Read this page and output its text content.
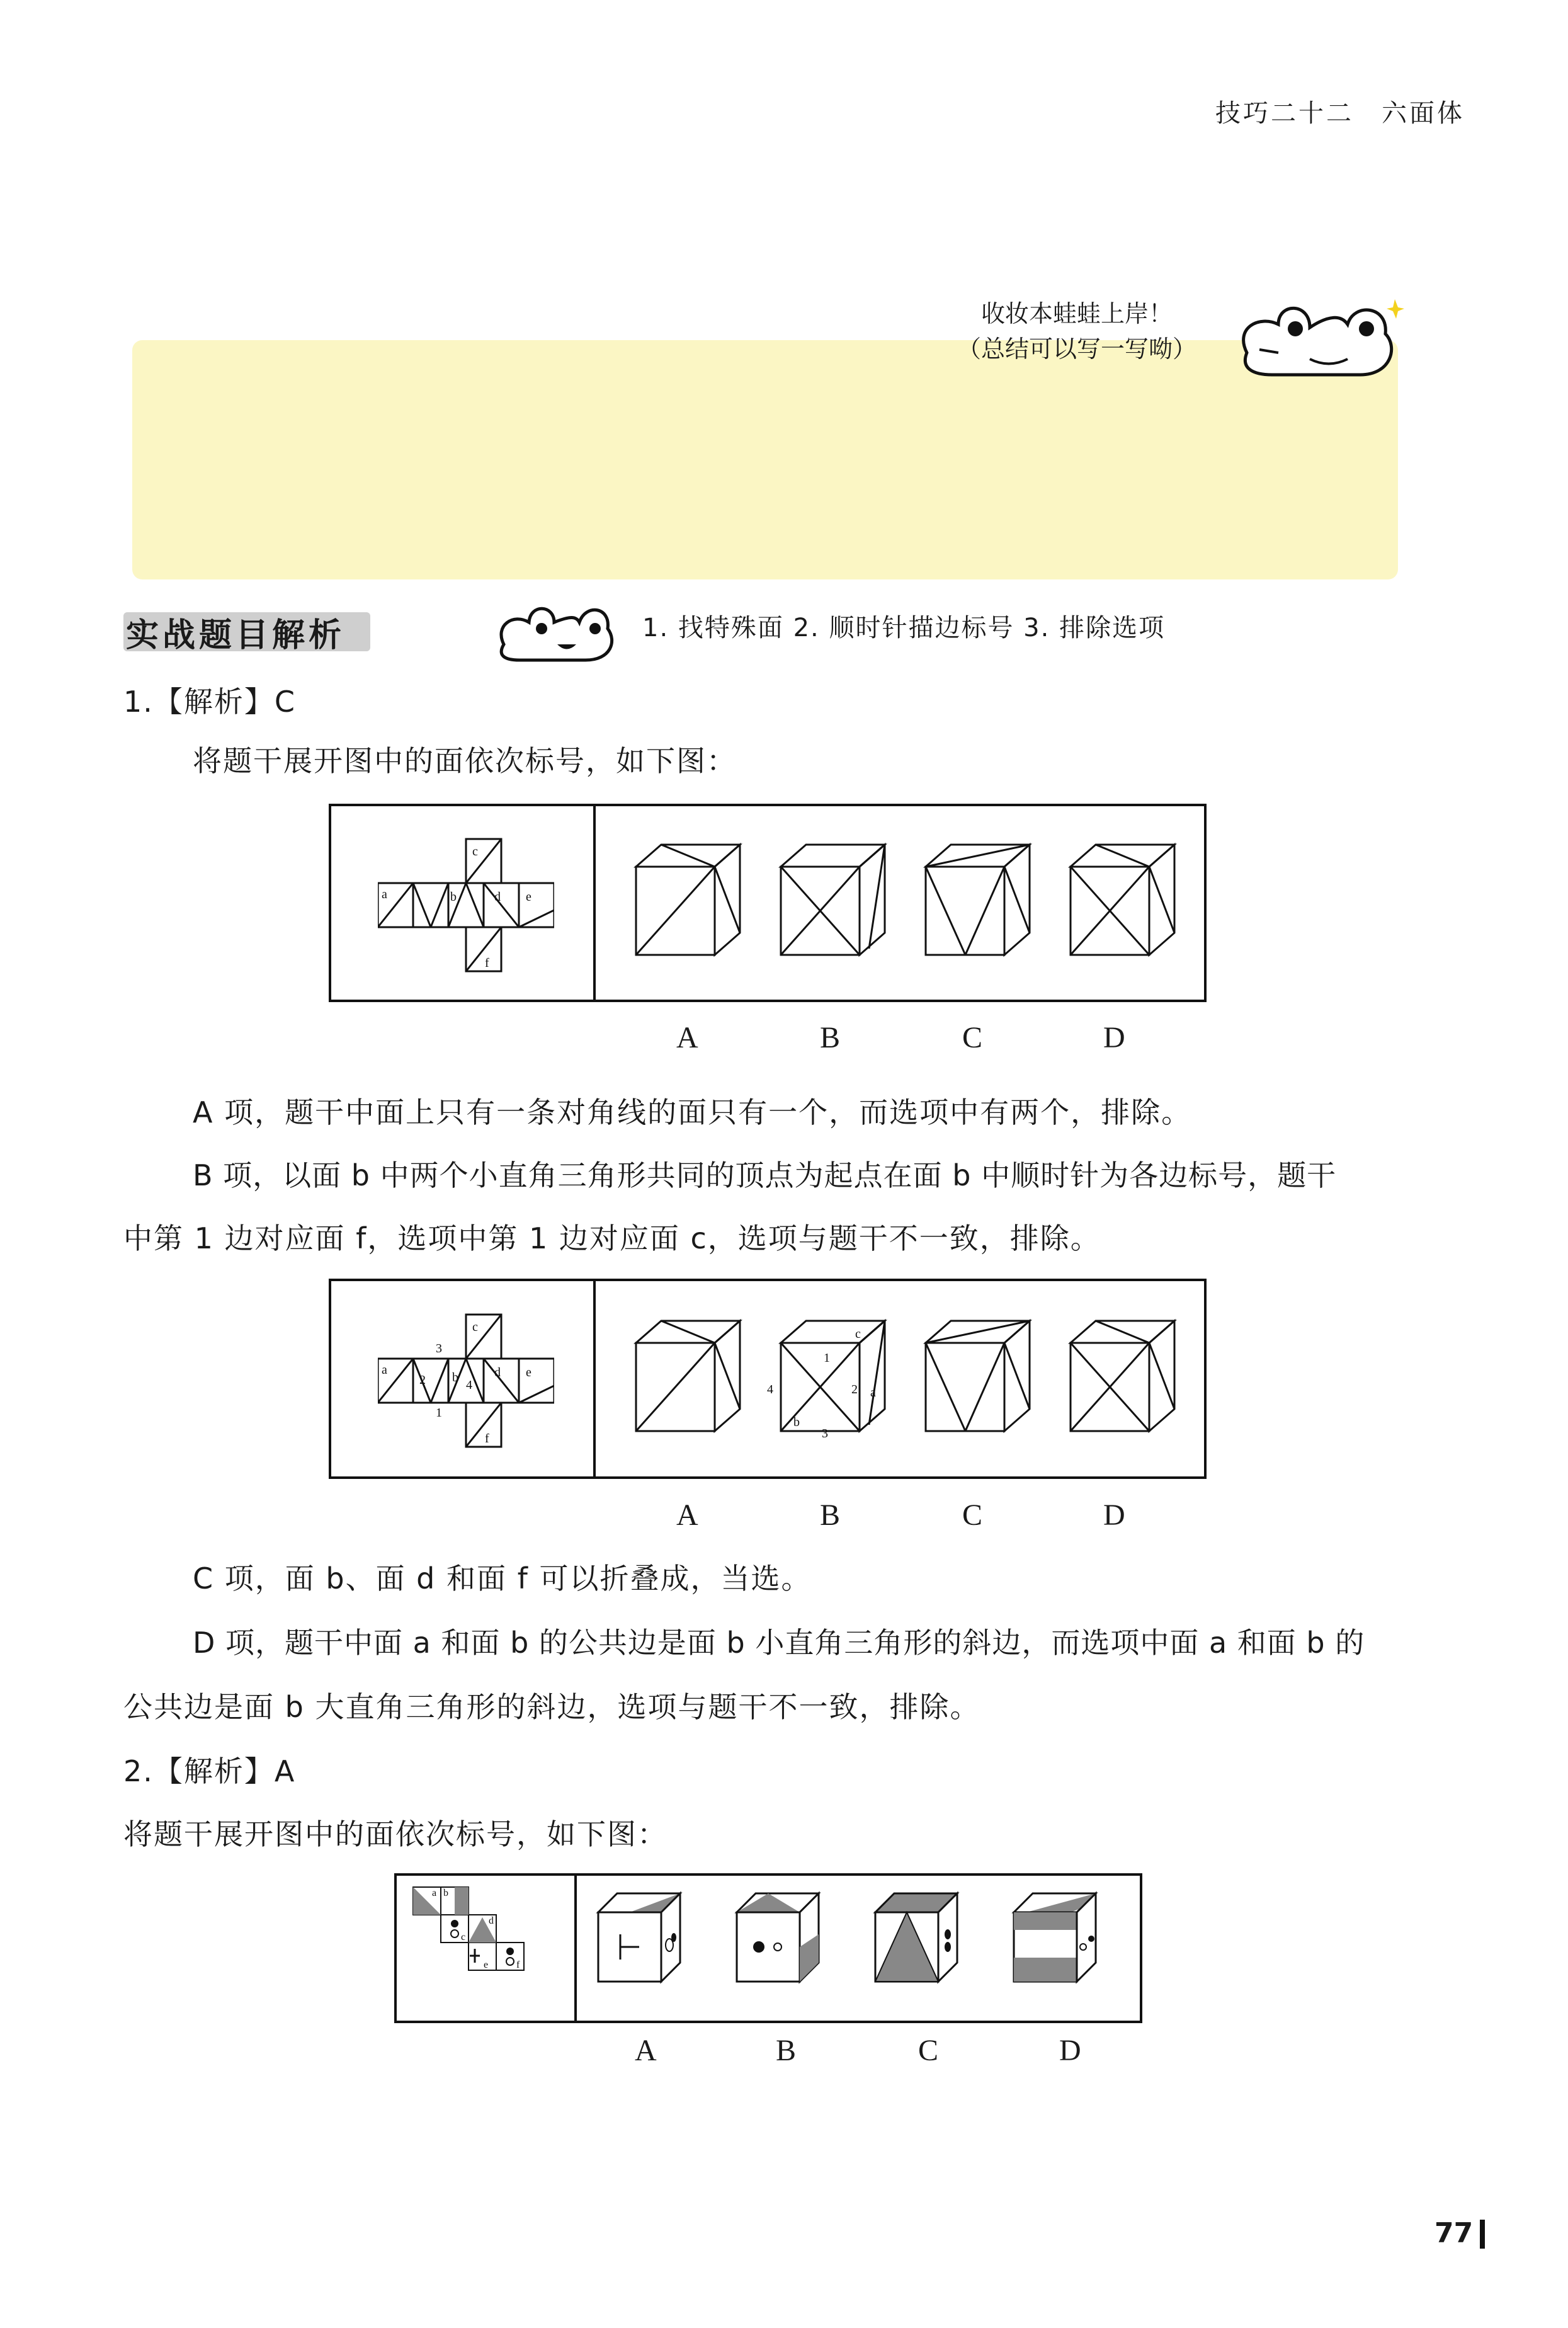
技巧二十二　六面体
收妆本蛙蛙上岸！
（总结可以写一写呦）
实战题目解析	1. 找特殊面 2. 顺时针描边标号 3. 排除选项
1.【解析】C
将题干展开图中的面依次标号，如下图：
c
a	b	d e
f
A	B	C	D
A 项，题干中面上只有一条对角线的面只有一个，而选项中有两个，排除。
B 项，以面 b 中两个小直角三角形共同的顶点为起点在面 b 中顺时针为各边标号，题干
中第 1 边对应面 f，选项中第 1 边对应面 c，选项与题干不一致，排除。
c
a
b	d e
f
3
2
1
4
1
2
3
4	a
b
c
A	B	C	D
C 项，面 b、面 d 和面 f 可以折叠成，当选。
D 项，题干中面 a 和面 b 的公共边是面 b 小直角三角形的斜边，而选项中面 a 和面 b 的
公共边是面 b 大直角三角形的斜边，选项与题干不一致，排除。
2.【解析】A
将题干展开图中的面依次标号，如下图：
a b
c
d
e	f
A	B	C	D
77
